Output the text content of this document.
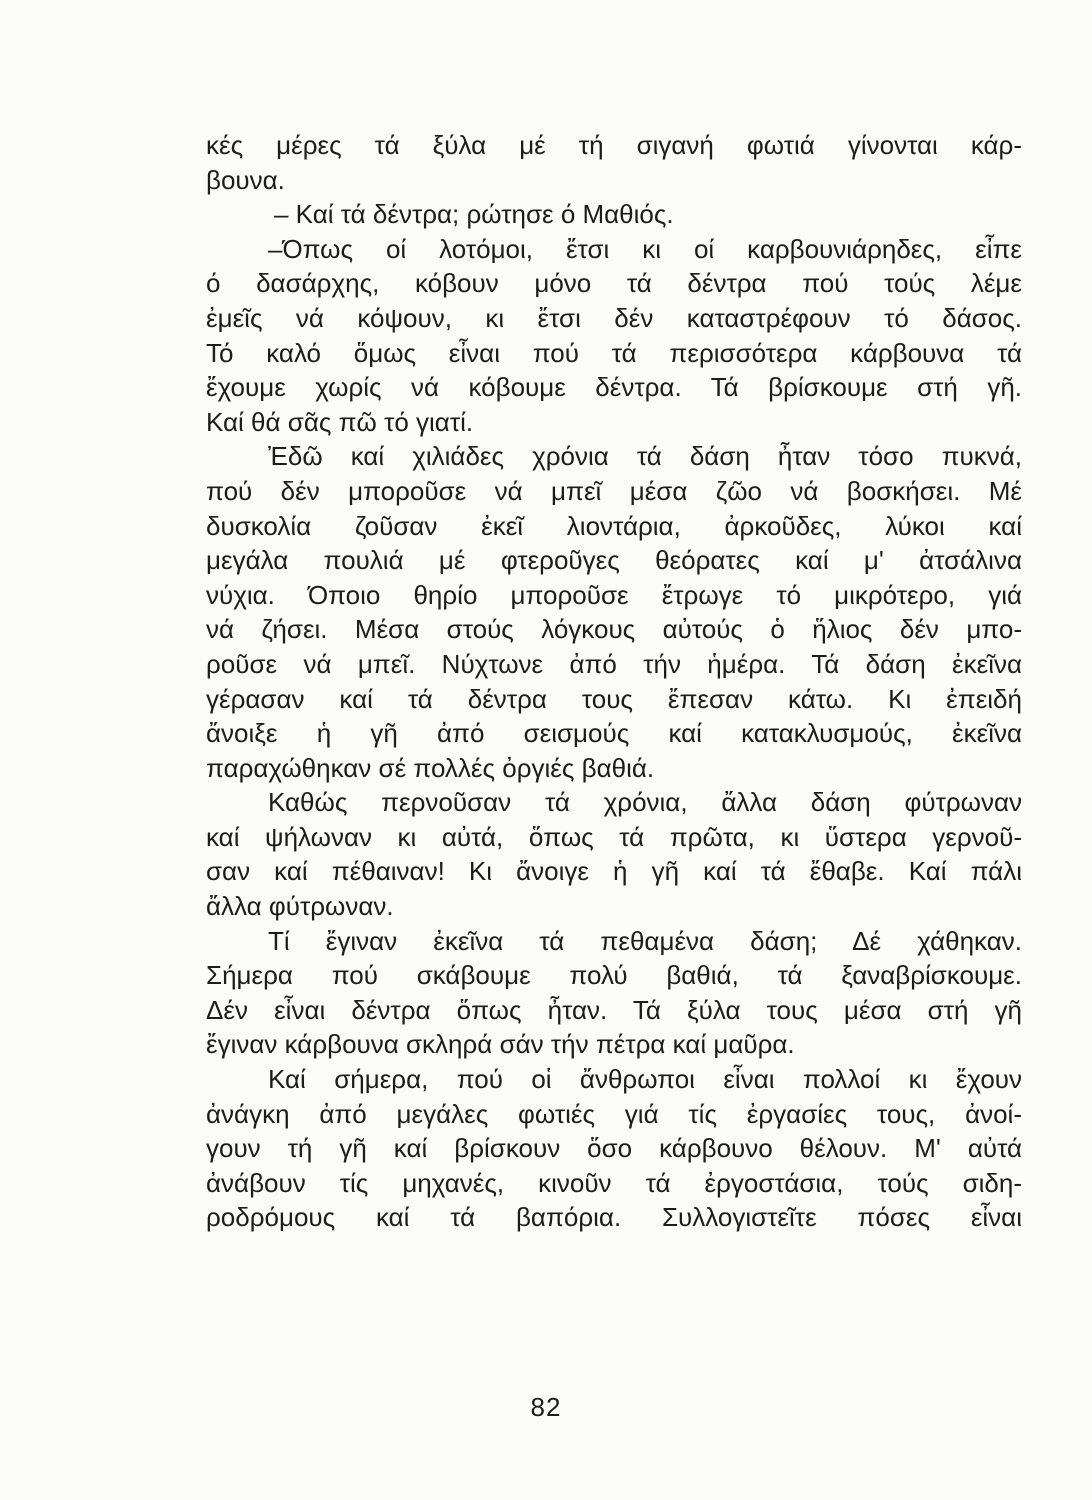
κές μέρες τά ξύλα μέ τή σιγανή φωτιά γίνονται κάρ-
βουνα.
– Καί τά δέντρα; ρώτησε ό Μαθιός.
–Όπως οί λοτόμοι, ἔτσι κι οί καρβουνιάρηδες, εἶπε
ό δασάρχης, κόβουν μόνο τά δέντρα πού τούς λέμε
ἐμεῖς νά κόψουν, κι ἔτσι δέν καταστρέφουν τό δάσος.
Τό καλό ὅμως εἶναι πού τά περισσότερα κάρβουνα τά
ἔχουμε χωρίς νά κόβουμε δέντρα. Τά βρίσκουμε στή γῆ.
Καί θά σᾶς πῶ τό γιατί.
Ἐδῶ καί χιλιάδες χρόνια τά δάση ἦταν τόσο πυκνά,
πού δέν μποροῦσε νά μπεῖ μέσα ζῶο νά βοσκήσει. Μέ
δυσκολία ζοῦσαν ἐκεῖ λιοντάρια, ἀρκοῦδες, λύκοι καί
μεγάλα πουλιά μέ φτεροῦγες θεόρατες καί μ' ἀτσάλινα
νύχια. Όποιο θηρίο μποροῦσε ἔτρωγε τό μικρότερο, γιά
νά ζήσει. Μέσα στούς λόγκους αὐτούς ὁ ἥλιος δέν μπο-
ροῦσε νά μπεῖ. Νύχτωνε ἀπό τήν ἡμέρα. Τά δάση ἐκεῖνα
γέρασαν καί τά δέντρα τους ἔπεσαν κάτω. Κι ἐπειδή
ἄνοιξε ἡ γῆ ἀπό σεισμούς καί κατακλυσμούς, ἐκεῖνα
παραχώθηκαν σέ πολλές ὀργιές βαθιά.
Καθώς περνοῦσαν τά χρόνια, ἄλλα δάση φύτρωναν
καί ψήλωναν κι αὐτά, ὅπως τά πρῶτα, κι ὕστερα γερνοῦ-
σαν καί πέθαιναν! Κι ἄνοιγε ἡ γῆ καί τά ἔθαβε. Καί πάλι
ἄλλα φύτρωναν.
Τί ἔγιναν ἐκεῖνα τά πεθαμένα δάση; Δέ χάθηκαν.
Σήμερα πού σκάβουμε πολύ βαθιά, τά ξαναβρίσκουμε.
Δέν εἶναι δέντρα ὅπως ἦταν. Τά ξύλα τους μέσα στή γῆ
ἔγιναν κάρβουνα σκληρά σάν τήν πέτρα καί μαῦρα.
Καί σήμερα, πού οἱ ἄνθρωποι εἶναι πολλοί κι ἔχουν
ἀνάγκη ἀπό μεγάλες φωτιές γιά τίς ἐργασίες τους, ἀνοί-
γουν τή γῆ καί βρίσκουν ὅσο κάρβουνο θέλουν. Μ' αὐτά
ἀνάβουν τίς μηχανές, κινοῦν τά ἐργοστάσια, τούς σιδη-
ροδρόμους καί τά βαπόρια. Συλλογιστεῖτε πόσες εἶναι
82
